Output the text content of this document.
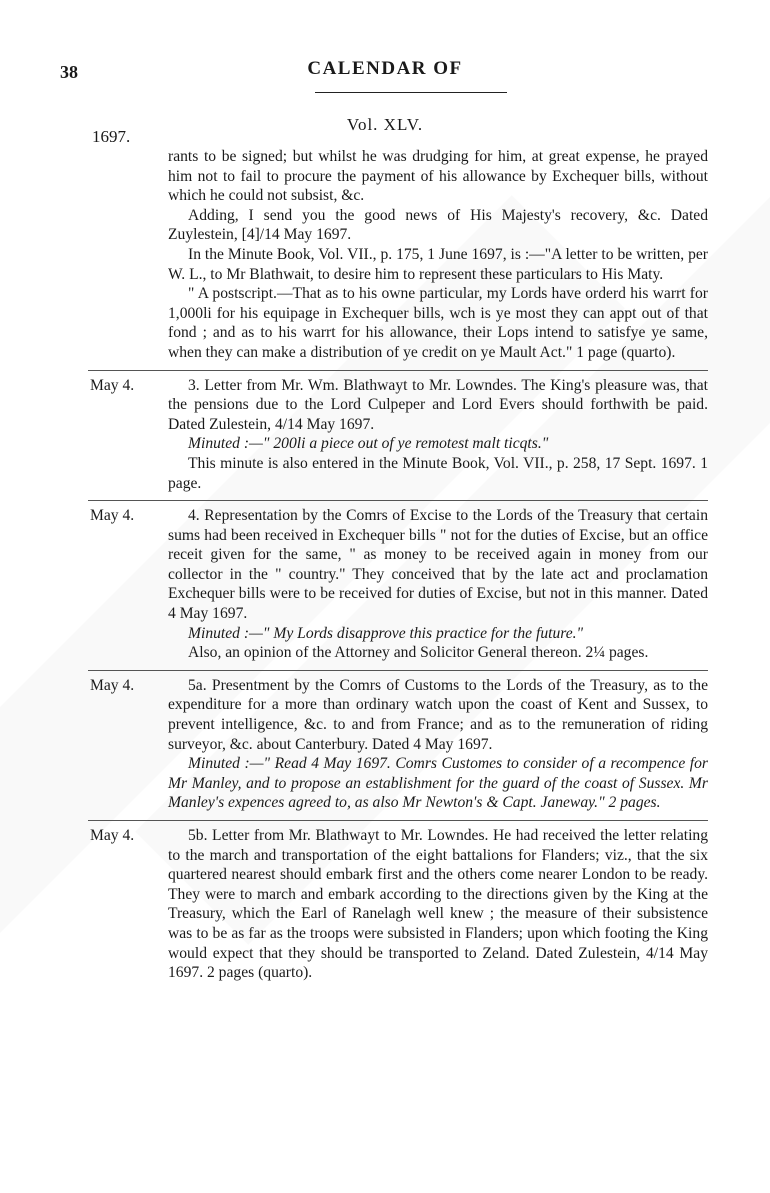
38	CALENDAR OF
Vol. XLV.
1697.

rants to be signed; but whilst he was drudging for him, at great expense, he prayed him not to fail to procure the payment of his allowance by Exchequer bills, without which he could not subsist, &c.

Adding, I send you the good news of His Majesty's recovery, &c. Dated Zuylestein, [4]/14 May 1697.

In the Minute Book, Vol. VII., p. 175, 1 June 1697, is :—"A letter to be written, per W. L., to Mr Blathwait, to desire him to represent these particulars to His Maty.

" A postscript.—That as to his owne particular, my Lords have orderd his warrt for 1,000li for his equipage in Exchequer bills, wch is ye most they can appt out of that fond ; and as to his warrt for his allowance, their Lops intend to satisfye ye same, when they can make a distribution of ye credit on ye Mault Act." 1 page (quarto).

May 4.	3. Letter from Mr. Wm. Blathwayt to Mr. Lowndes. The King's pleasure was, that the pensions due to the Lord Culpeper and Lord Evers should forthwith be paid. Dated Zulestein, 4/14 May 1697.

Minuted :—" 200li a piece out of ye remotest malt ticqts."

This minute is also entered in the Minute Book, Vol. VII., p. 258, 17 Sept. 1697. 1 page.

May 4.	4. Representation by the Comrs of Excise to the Lords of the Treasury that certain sums had been received in Exchequer bills " not for the duties of Excise, but an office receit given for the same, " as money to be received again in money from our collector in the " country." They conceived that by the late act and proclamation Exchequer bills were to be received for duties of Excise, but not in this manner. Dated 4 May 1697.

Minuted :—" My Lords disapprove this practice for the future."

Also, an opinion of the Attorney and Solicitor General thereon. 2¼ pages.

May 4.	5a. Presentment by the Comrs of Customs to the Lords of the Treasury, as to the expenditure for a more than ordinary watch upon the coast of Kent and Sussex, to prevent intelligence, &c. to and from France; and as to the remuneration of riding surveyor, &c. about Canterbury. Dated 4 May 1697.

Minuted :—" Read 4 May 1697. Comrs Customes to consider of a recompence for Mr Manley, and to propose an establishment for the guard of the coast of Sussex. Mr Manley's expences agreed to, as also Mr Newton's & Capt. Janeway." 2 pages.

May 4.	5b. Letter from Mr. Blathwayt to Mr. Lowndes. He had received the letter relating to the march and transportation of the eight battalions for Flanders; viz., that the six quartered nearest should embark first and the others come nearer London to be ready. They were to march and embark according to the directions given by the King at the Treasury, which the Earl of Ranelagh well knew ; the measure of their subsistence was to be as far as the troops were subsisted in Flanders; upon which footing the King would expect that they should be transported to Zeland. Dated Zulestein, 4/14 May 1697. 2 pages (quarto).
